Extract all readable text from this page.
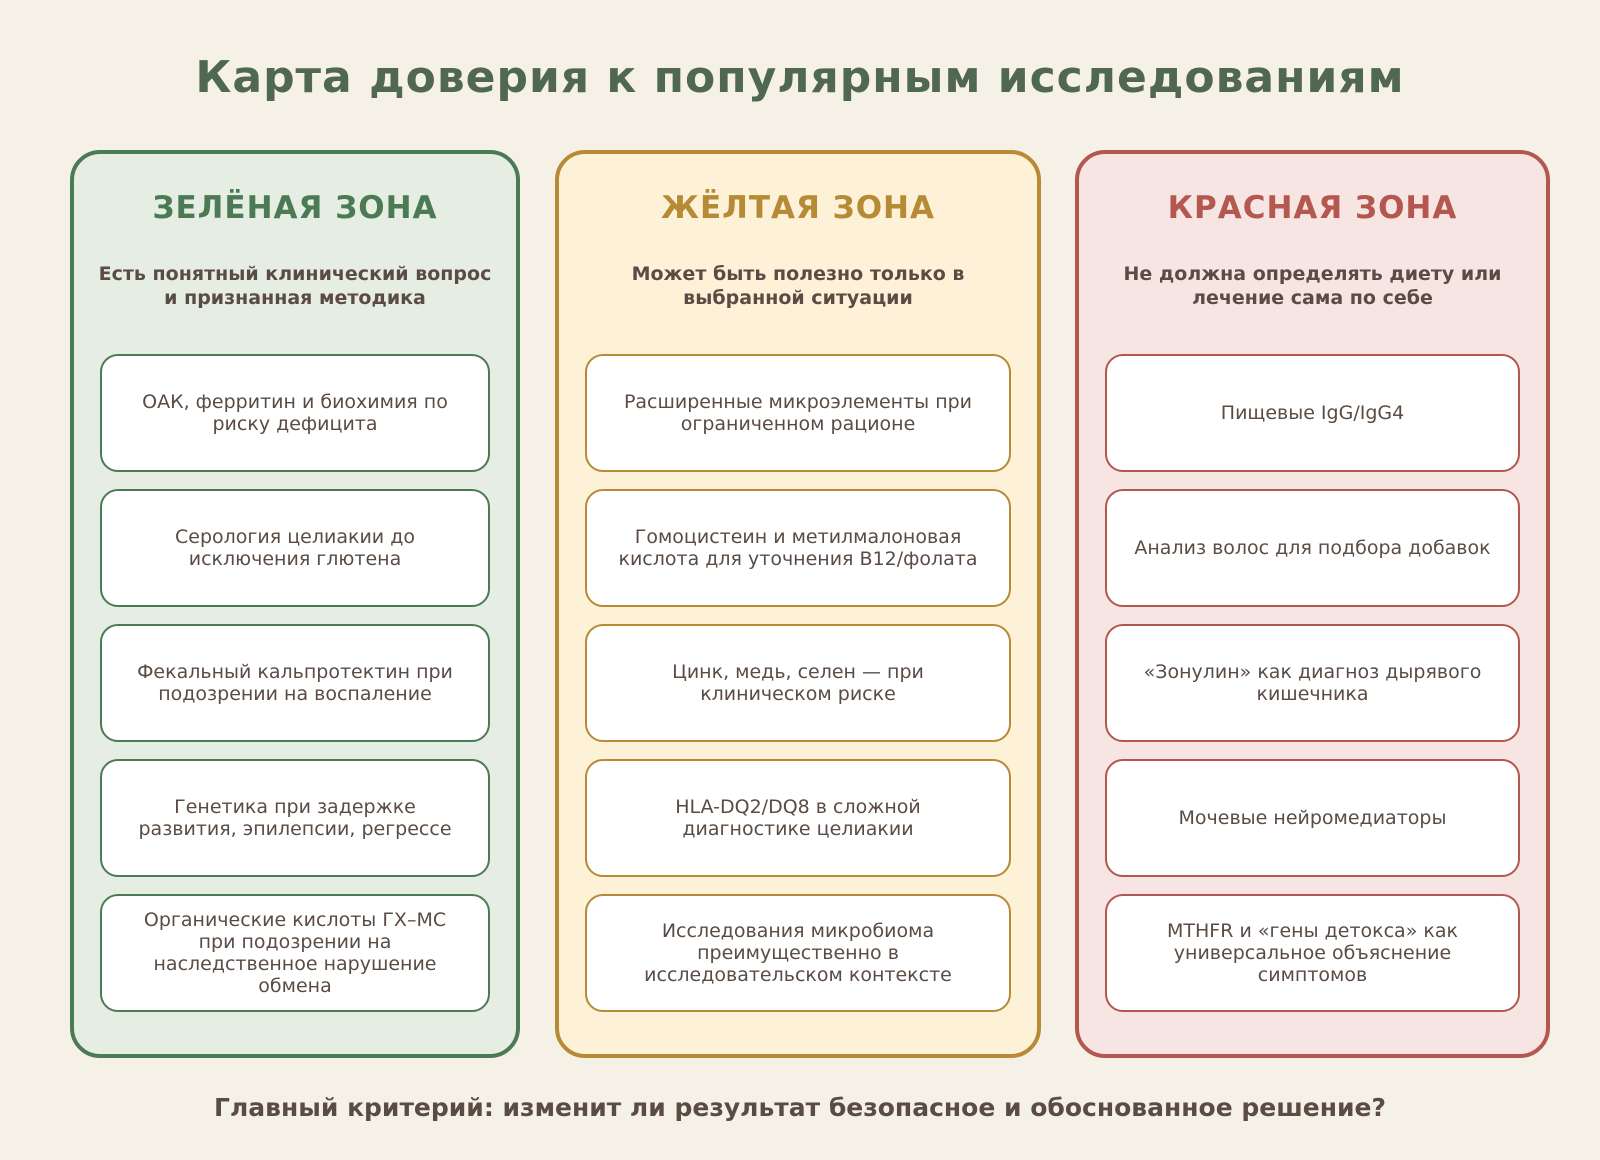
Карта доверия к популярным исследованиям
ЗЕЛЁНАЯ ЗОНА
Есть понятный клинический вопрос и признанная методика
ОАК, ферритин и биохимия по риску дефицита
Серология целиакии до исключения глютена
Фекальный кальпротектин при подозрении на воспаление
Генетика при задержке развития, эпилепсии, регрессе
Органические кислоты ГХ–МС при подозрении на наследственное нарушение обмена
ЖЁЛТАЯ ЗОНА
Может быть полезно только в выбранной ситуации
Расширенные микроэлементы при ограниченном рационе
Гомоцистеин и метилмалоновая кислота для уточнения B12/фолата
Цинк, медь, селен — при клиническом риске
HLA-DQ2/DQ8 в сложной диагностике целиакии
Исследования микробиома преимущественно в исследовательском контексте
КРАСНАЯ ЗОНА
Не должна определять диету или лечение сама по себе
Пищевые IgG/IgG4
Анализ волос для подбора добавок
«Зонулин» как диагноз дырявого кишечника
Мочевые нейромедиаторы
MTHFR и «гены детокса» как универсальное объяснение симптомов
Главный критерий: изменит ли результат безопасное и обоснованное решение?
